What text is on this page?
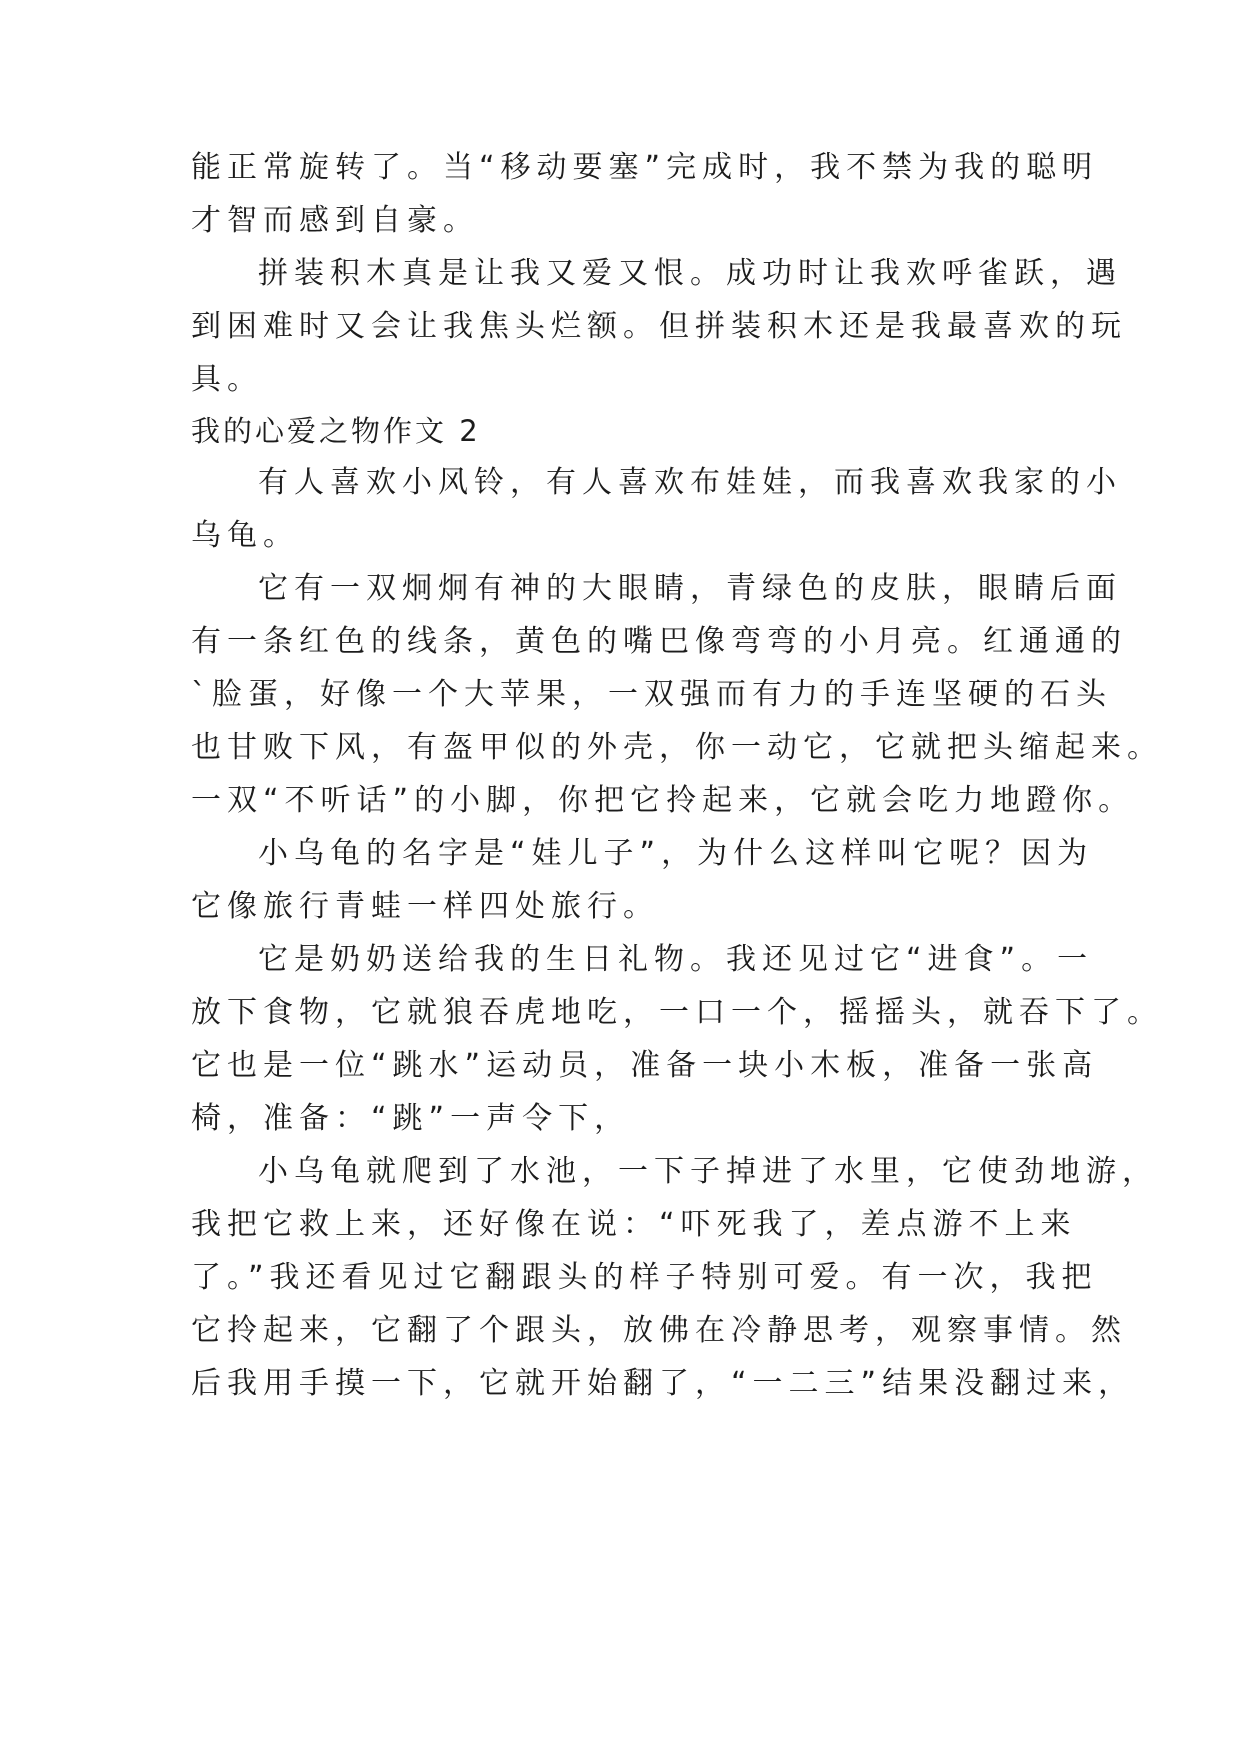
能正常旋转了。当“移动要塞”完成时，我不禁为我的聪明

才智而感到自豪。

拼装积木真是让我又爱又恨。成功时让我欢呼雀跃，遇

到困难时又会让我焦头烂额。但拼装积木还是我最喜欢的玩

具。

我的心爱之物作文 2

有人喜欢小风铃，有人喜欢布娃娃，而我喜欢我家的小

乌龟。

它有一双炯炯有神的大眼睛，青绿色的皮肤，眼睛后面

有一条红色的线条，黄色的嘴巴像弯弯的小月亮。红通通的

`脸蛋，好像一个大苹果，一双强而有力的手连坚硬的石头

也甘败下风，有盔甲似的外壳，你一动它，它就把头缩起来。

一双“不听话”的小脚，你把它拎起来，它就会吃力地蹬你。

小乌龟的名字是“娃儿子”，为什么这样叫它呢？因为

它像旅行青蛙一样四处旅行。

它是奶奶送给我的生日礼物。我还见过它“进食”。一

放下食物，它就狼吞虎地吃，一口一个，摇摇头，就吞下了。

它也是一位“跳水”运动员，准备一块小木板，准备一张高

椅，准备：“跳”一声令下，

小乌龟就爬到了水池，一下子掉进了水里，它使劲地游，

我把它救上来，还好像在说：“吓死我了，差点游不上来

了。”我还看见过它翻跟头的样子特别可爱。有一次，我把

它拎起来，它翻了个跟头，放佛在冷静思考，观察事情。然

后我用手摸一下，它就开始翻了，“一二三”结果没翻过来，
